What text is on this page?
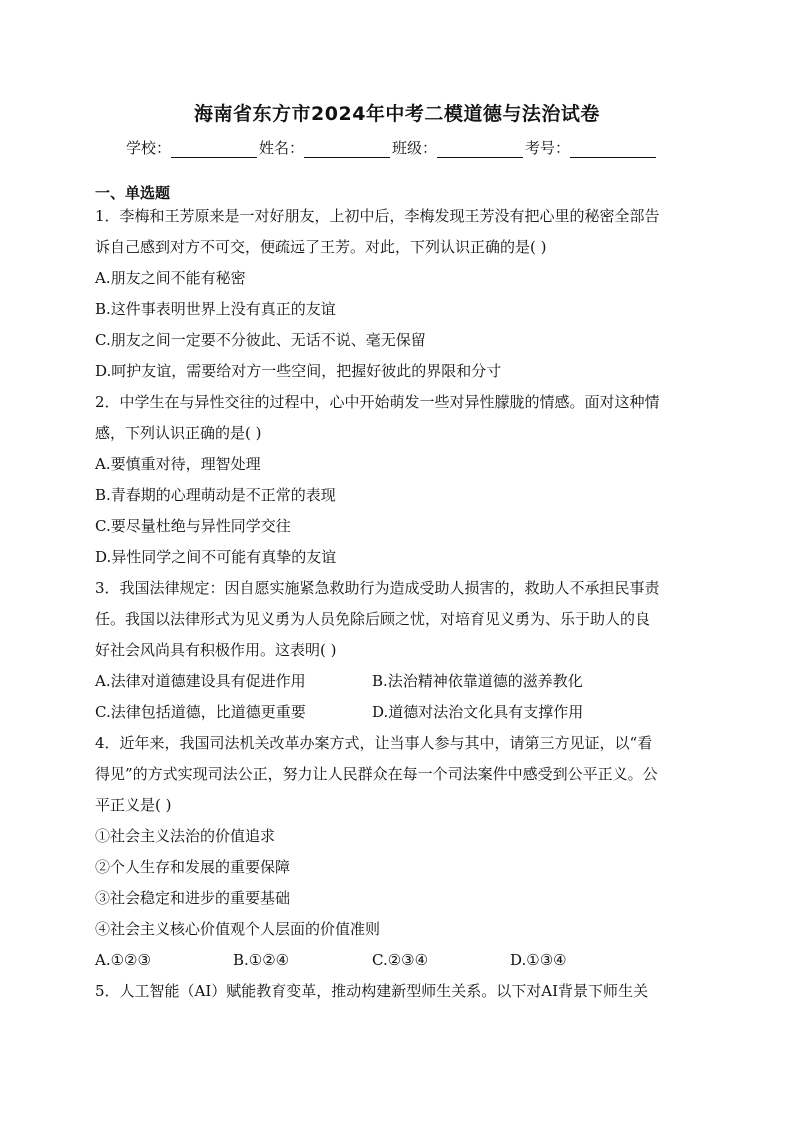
海南省东方市2024年中考二模道德与法治试卷
学校：	姓名：	班级：	考号：
一、单选题
1．李梅和王芳原来是一对好朋友，上初中后，李梅发现王芳没有把心里的秘密全部告
诉自己感到对方不可交，便疏远了王芳。对此，下列认识正确的是( )
A.朋友之间不能有秘密
B.这件事表明世界上没有真正的友谊
C.朋友之间一定要不分彼此、无话不说、毫无保留
D.呵护友谊，需要给对方一些空间，把握好彼此的界限和分寸
2．中学生在与异性交往的过程中，心中开始萌发一些对异性朦胧的情感。面对这种情
感，下列认识正确的是( )
A.要慎重对待，理智处理
B.青春期的心理萌动是不正常的表现
C.要尽量杜绝与异性同学交往
D.异性同学之间不可能有真挚的友谊
3．我国法律规定：因自愿实施紧急救助行为造成受助人损害的，救助人不承担民事责
任。我国以法律形式为见义勇为人员免除后顾之忧，对培育见义勇为、乐于助人的良
好社会风尚具有积极作用。这表明( )
A.法律对道德建设具有促进作用	B.法治精神依靠道德的滋养教化
C.法律包括道德，比道德更重要	D.道德对法治文化具有支撑作用
4．近年来，我国司法机关改革办案方式，让当事人参与其中，请第三方见证，以“看
得见”的方式实现司法公正，努力让人民群众在每一个司法案件中感受到公平正义。公
平正义是( )
①社会主义法治的价值追求
②个人生存和发展的重要保障
③社会稳定和进步的重要基础
④社会主义核心价值观个人层面的价值准则
A.①②③	B.①②④	C.②③④	D.①③④
5．人工智能（AI）赋能教育变革，推动构建新型师生关系。以下对AI背景下师生关
